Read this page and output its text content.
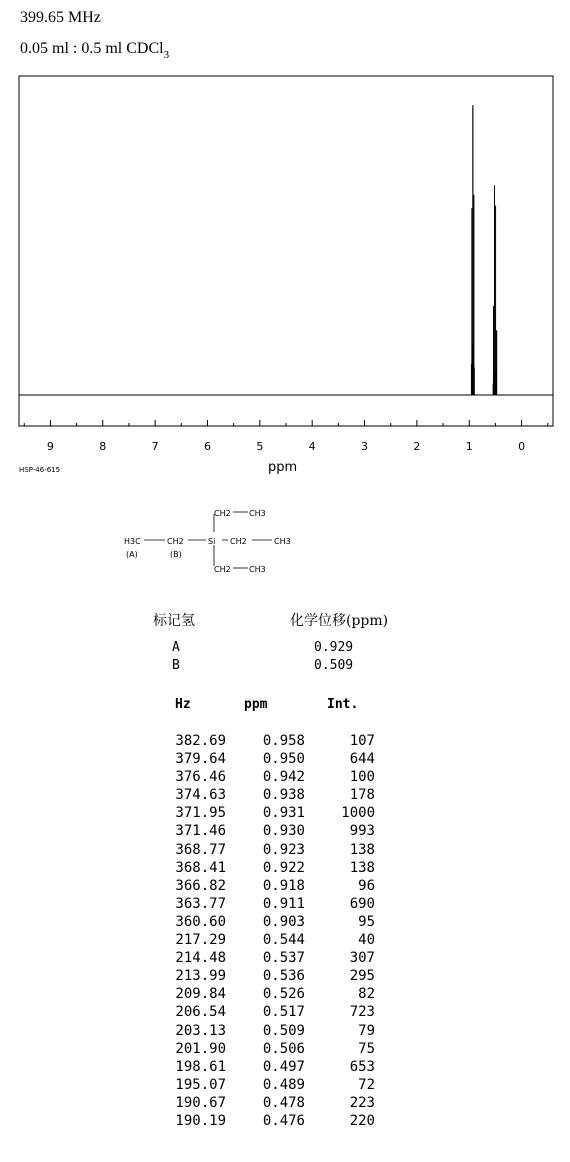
399.65 MHz
0.05 ml : 0.5 ml CDCl$_3$
9	8	7	6	5	4	3	2	1	0
HSP-46-615	ppm
CH2 CH3
H3C	CH2	Si CH2	CH3
(A)	(B)
CH2 CH3
标记氢	化学位移(ppm)
A	0.929
B	0.509
Hz	ppm	Int.
382.69	0.958	107
379.64	0.950	644
376.46	0.942	100
374.63	0.938	178
371.95	0.931	1000
371.46	0.930	993
368.77	0.923	138
368.41	0.922	138
366.82	0.918	96
363.77	0.911	690
360.60	0.903	95
217.29	0.544	40
214.48	0.537	307
213.99	0.536	295
209.84	0.526	82
206.54	0.517	723
203.13	0.509	79
201.90	0.506	75
198.61	0.497	653
195.07	0.489	72
190.67	0.478	223
190.19	0.476	220
